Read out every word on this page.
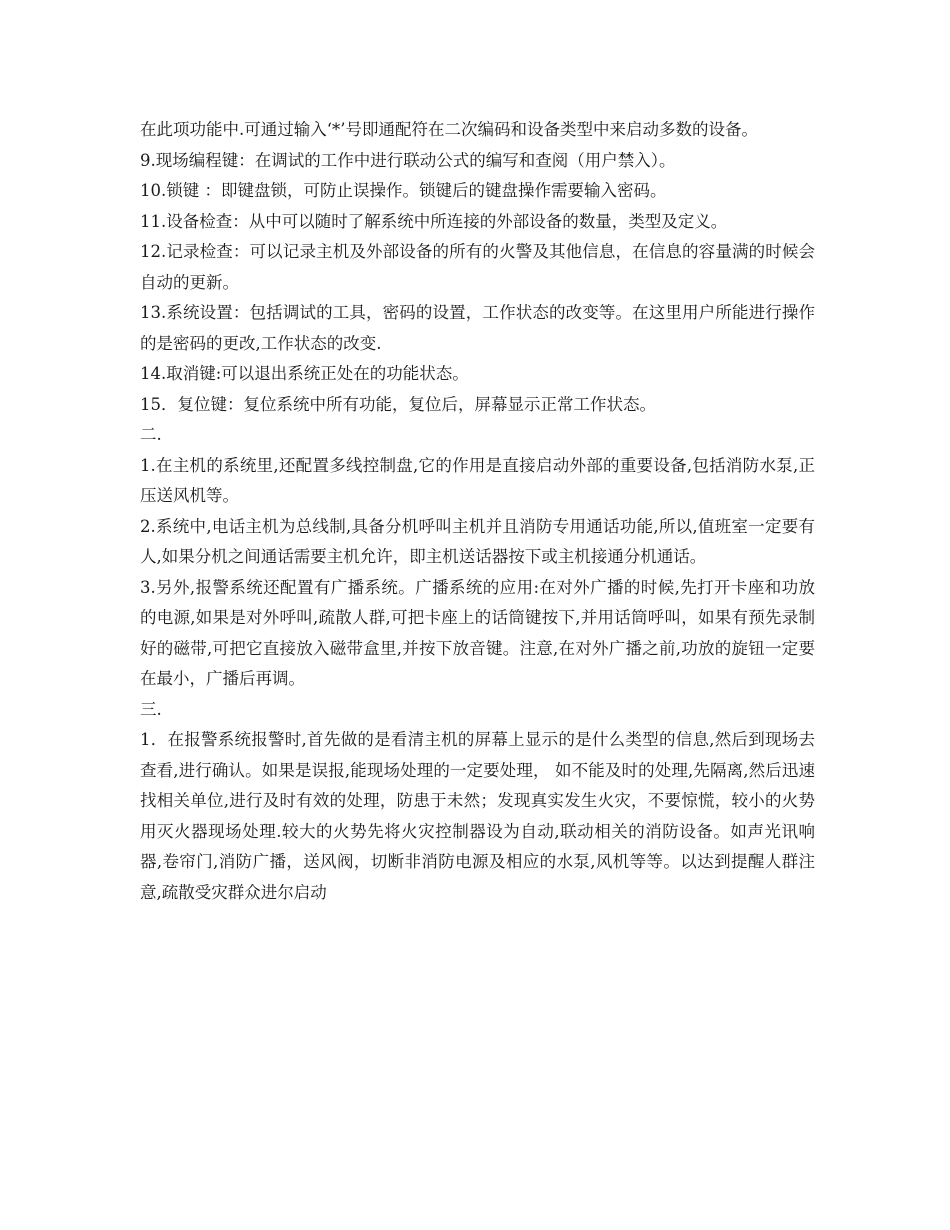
在此项功能中.可通过输入‘*’号即通配符在二次编码和设备类型中来启动多数的设备。

9.现场编程键：在调试的工作中进行联动公式的编写和查阅（用户禁入）。

10.锁键 ：即键盘锁，可防止误操作。锁键后的键盘操作需要输入密码。

11.设备检查：从中可以随时了解系统中所连接的外部设备的数量，类型及定义。

12.记录检查：可以记录主机及外部设备的所有的火警及其他信息，在信息的容量满的时候会自动的更新。

13.系统设置：包括调试的工具，密码的设置，工作状态的改变等。在这里用户所能进行操作的是密码的更改,工作状态的改变.

14.取消键:可以退出系统正处在的功能状态。

15．复位键：复位系统中所有功能，复位后，屏幕显示正常工作状态。

二.

1.在主机的系统里,还配置多线控制盘,它的作用是直接启动外部的重要设备,包括消防水泵,正压送风机等。

2.系统中,电话主机为总线制,具备分机呼叫主机并且消防专用通话功能,所以,值班室一定要有人,如果分机之间通话需要主机允许，即主机送话器按下或主机接通分机通话。

3.另外,报警系统还配置有广播系统。广播系统的应用:在对外广播的时候,先打开卡座和功放的电源,如果是对外呼叫,疏散人群,可把卡座上的话筒键按下,并用话筒呼叫，如果有预先录制好的磁带,可把它直接放入磁带盒里,并按下放音键。注意,在对外广播之前,功放的旋钮一定要在最小，广播后再调。

三.

1．在报警系统报警时,首先做的是看清主机的屏幕上显示的是什么类型的信息,然后到现场去查看,进行确认。如果是误报,能现场处理的一定要处理， 如不能及时的处理,先隔离,然后迅速找相关单位,进行及时有效的处理，防患于未然；发现真实发生火灾，不要惊慌，较小的火势用灭火器现场处理.较大的火势先将火灾控制器设为自动,联动相关的消防设备。如声光讯响器,卷帘门,消防广播，送风阀，切断非消防电源及相应的水泵,风机等等。以达到提醒人群注意,疏散受灾群众进尔启动
